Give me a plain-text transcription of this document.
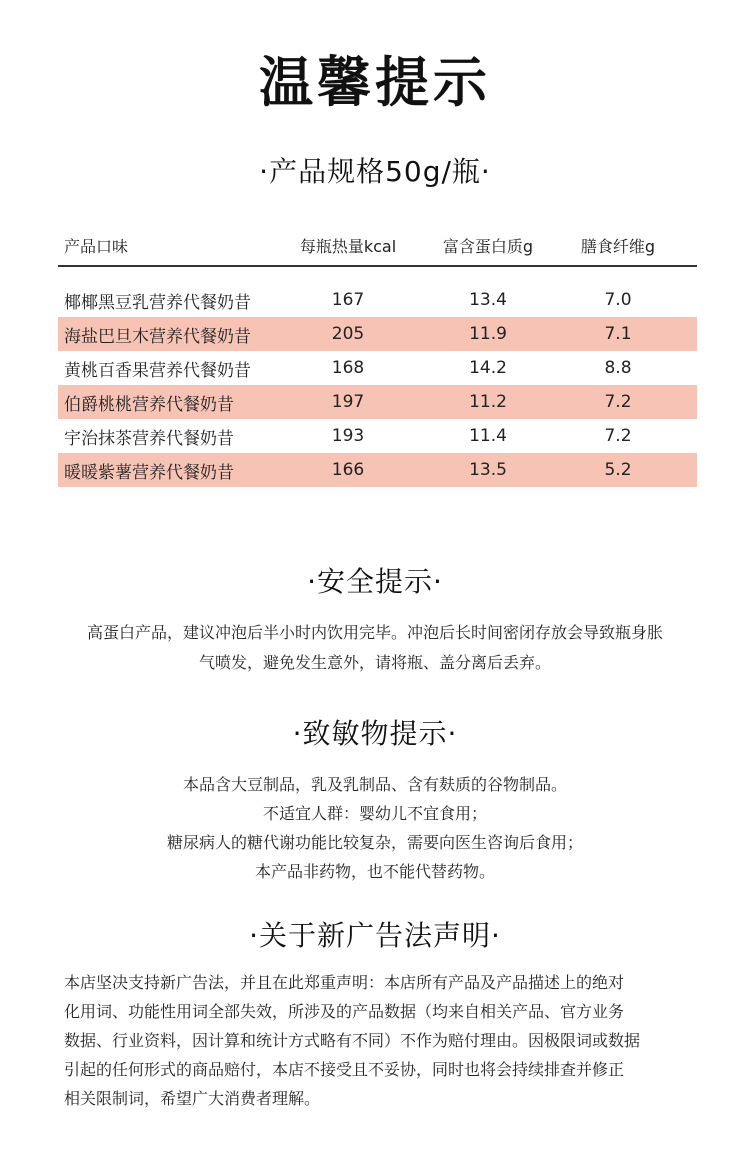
温馨提示
·产品规格50g/瓶·
产品口味	每瓶热量kcal	富含蛋白质g	膳食纤维g
椰椰黑豆乳营养代餐奶昔	167	13.4	7.0
海盐巴旦木营养代餐奶昔	205	11.9	7.1
黄桃百香果营养代餐奶昔	168	14.2	8.8
伯爵桃桃营养代餐奶昔	197	11.2	7.2
宇治抹茶营养代餐奶昔	193	11.4	7.2
暖暖紫薯营养代餐奶昔	166	13.5	5.2
·安全提示·
高蛋白产品，建议冲泡后半小时内饮用完毕。冲泡后长时间密闭存放会导致瓶身胀
气喷发，避免发生意外，请将瓶、盖分离后丢弃。
·致敏物提示·
本品含大豆制品，乳及乳制品、含有麸质的谷物制品。
不适宜人群：婴幼儿不宜食用；
糖尿病人的糖代谢功能比较复杂，需要向医生咨询后食用；
本产品非药物，也不能代替药物。
·关于新广告法声明·
本店坚决支持新广告法，并且在此郑重声明：本店所有产品及产品描述上的绝对
化用词、功能性用词全部失效，所涉及的产品数据（均来自相关产品、官方业务
数据、行业资料，因计算和统计方式略有不同）不作为赔付理由。因极限词或数据
引起的任何形式的商品赔付，本店不接受且不妥协，同时也将会持续排查并修正
相关限制词，希望广大消费者理解。
